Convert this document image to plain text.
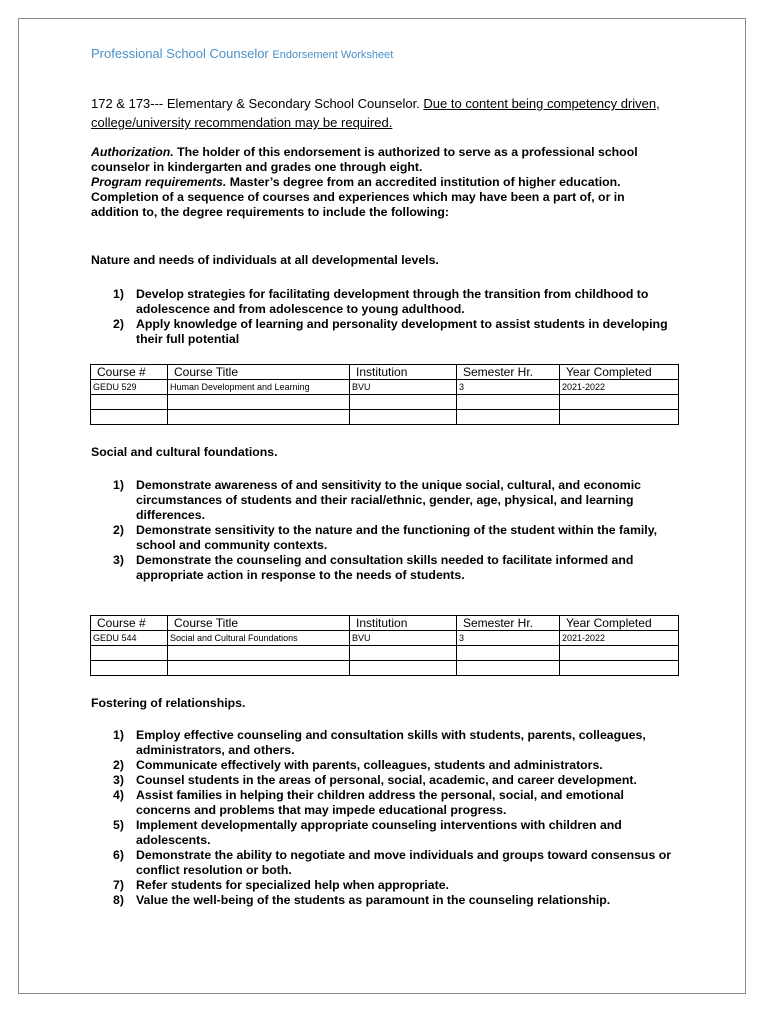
Professional School Counselor Endorsement Worksheet
172 & 173--- Elementary & Secondary School Counselor. Due to content being competency driven, college/university recommendation may be required.
Authorization. The holder of this endorsement is authorized to serve as a professional school counselor in kindergarten and grades one through eight.
Program requirements. Master’s degree from an accredited institution of higher education. Completion of a sequence of courses and experiences which may have been a part of, or in addition to, the degree requirements to include the following:
Nature and needs of individuals at all developmental levels.
1) Develop strategies for facilitating development through the transition from childhood to adolescence and from adolescence to young adulthood.
2) Apply knowledge of learning and personality development to assist students in developing their full potential
Course #	Course Title	Institution	Semester Hr.	Year Completed
GEDU 529	Human Development and Learning	BVU	3	2021-2022

Social and cultural foundations.
1) Demonstrate awareness of and sensitivity to the unique social, cultural, and economic circumstances of students and their racial/ethnic, gender, age, physical, and learning differences.
2) Demonstrate sensitivity to the nature and the functioning of the student within the family, school and community contexts.
3) Demonstrate the counseling and consultation skills needed to facilitate informed and appropriate action in response to the needs of students.
Course #	Course Title	Institution	Semester Hr.	Year Completed
GEDU 544	Social and Cultural Foundations	BVU	3	2021-2022

Fostering of relationships.
1) Employ effective counseling and consultation skills with students, parents, colleagues, administrators, and others.
2) Communicate effectively with parents, colleagues, students and administrators.
3) Counsel students in the areas of personal, social, academic, and career development.
4) Assist families in helping their children address the personal, social, and emotional concerns and problems that may impede educational progress.
5) Implement developmentally appropriate counseling interventions with children and adolescents.
6) Demonstrate the ability to negotiate and move individuals and groups toward consensus or conflict resolution or both.
7) Refer students for specialized help when appropriate.
8) Value the well-being of the students as paramount in the counseling relationship.
